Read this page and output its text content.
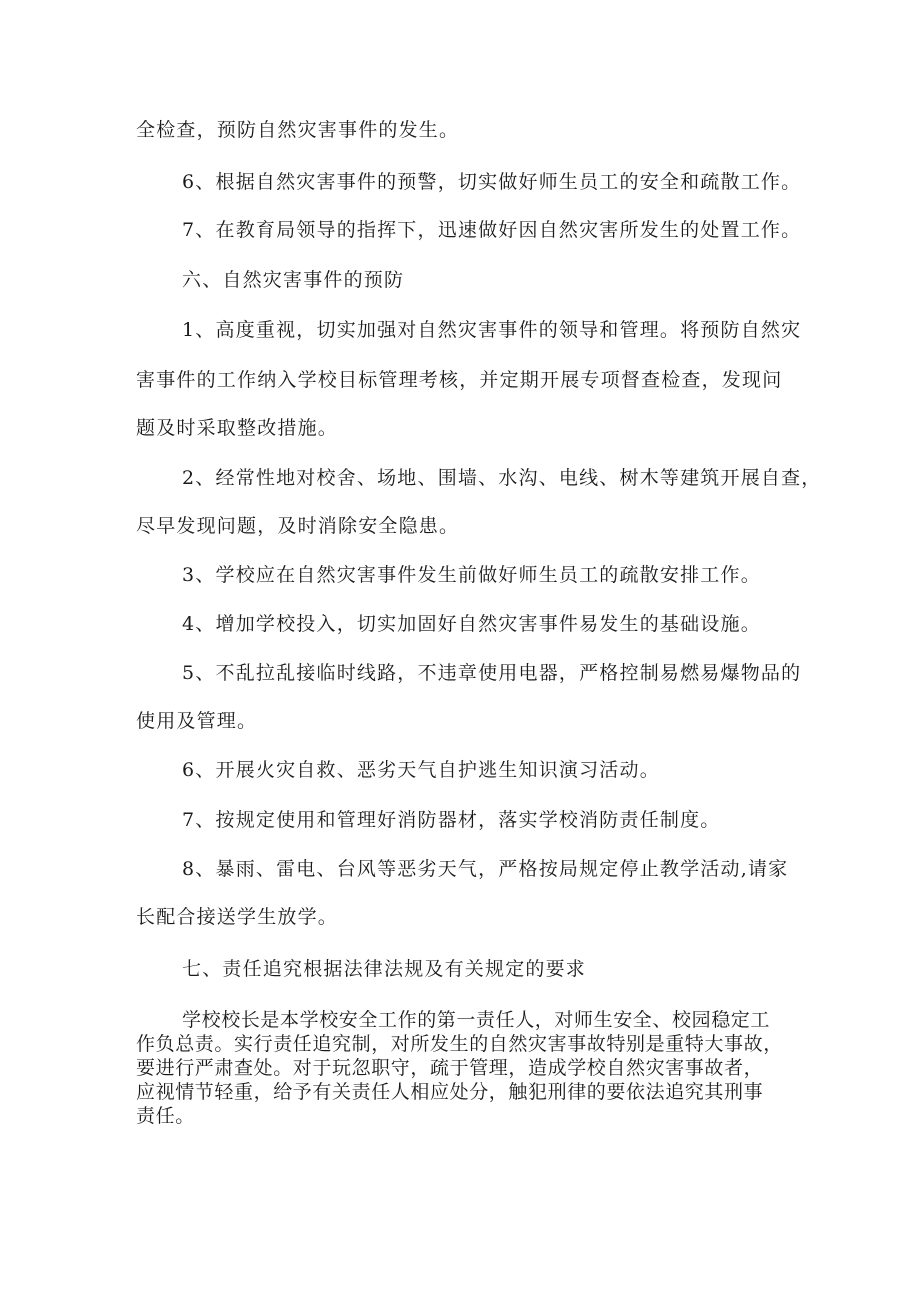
全检查，预防自然灾害事件的发生。
6、根据自然灾害事件的预警，切实做好师生员工的安全和疏散工作。
7、在教育局领导的指挥下，迅速做好因自然灾害所发生的处置工作。
六、自然灾害事件的预防
1、高度重视，切实加强对自然灾害事件的领导和管理。将预防自然灾
害事件的工作纳入学校目标管理考核，并定期开展专项督查检查，发现问
题及时采取整改措施。
2、经常性地对校舍、场地、围墙、水沟、电线、树木等建筑开展自查，
尽早发现问题，及时消除安全隐患。
3、学校应在自然灾害事件发生前做好师生员工的疏散安排工作。
4、增加学校投入，切实加固好自然灾害事件易发生的基础设施。
5、不乱拉乱接临时线路，不违章使用电器，严格控制易燃易爆物品的
使用及管理。
6、开展火灾自救、恶劣天气自护逃生知识演习活动。
7、按规定使用和管理好消防器材，落实学校消防责任制度。
8、暴雨、雷电、台风等恶劣天气，严格按局规定停止教学活动,请家
长配合接送学生放学。
七、责任追究根据法律法规及有关规定的要求
学校校长是本学校安全工作的第一责任人，对师生安全、校园稳定工
作负总责。实行责任追究制，对所发生的自然灾害事故特别是重特大事故，
要进行严肃查处。对于玩忽职守，疏于管理，造成学校自然灾害事故者，
应视情节轻重，给予有关责任人相应处分，触犯刑律的要依法追究其刑事
责任。
